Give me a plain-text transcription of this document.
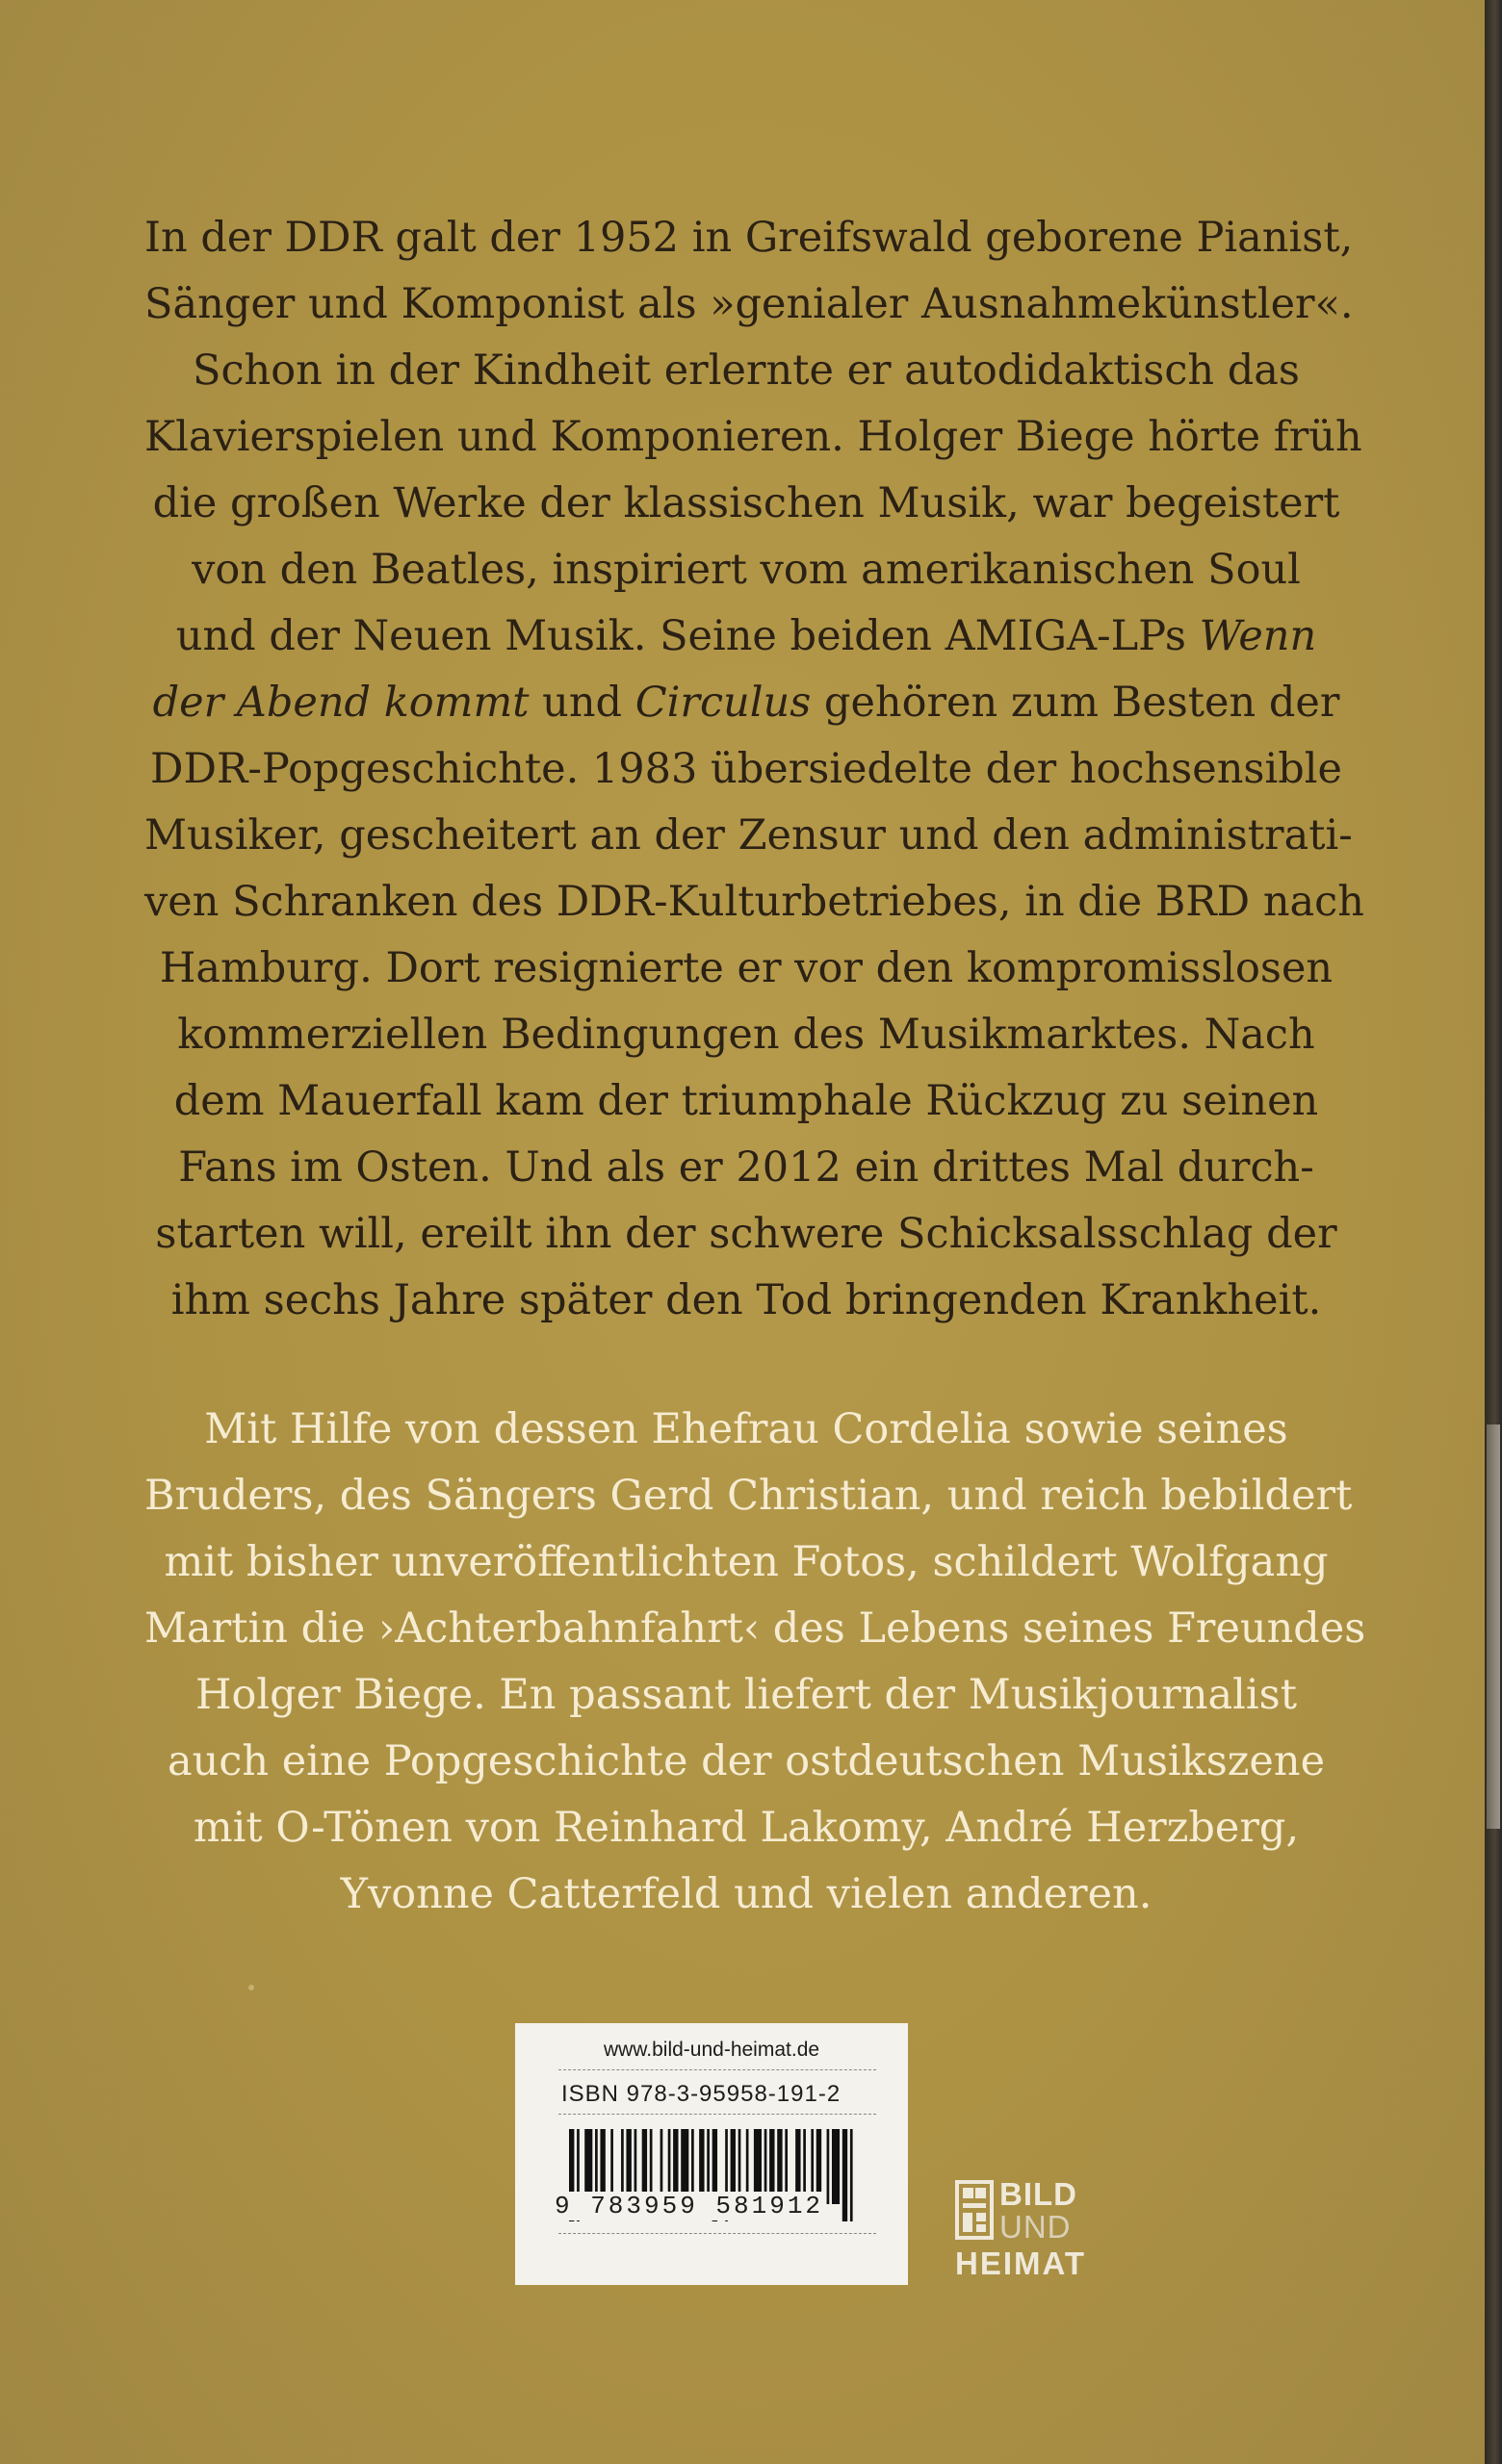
In der DDR galt der 1952 in Greifswald geborene Pianist,

Sänger und Komponist als »genialer Ausnahmekünstler«.

Schon in der Kindheit erlernte er autodidaktisch das

Klavierspielen und Komponieren. Holger Biege hörte früh

die großen Werke der klassischen Musik, war begeistert

von den Beatles, inspiriert vom amerikanischen Soul

und der Neuen Musik. Seine beiden AMIGA-LPs Wenn

der Abend kommt und Circulus gehören zum Besten der

DDR-Popgeschichte. 1983 übersiedelte der hochsensible

Musiker, gescheitert an der Zensur und den administrati-

ven Schranken des DDR-Kulturbetriebes, in die BRD nach

Hamburg. Dort resignierte er vor den kompromisslosen

kommerziellen Bedingungen des Musikmarktes. Nach

dem Mauerfall kam der triumphale Rückzug zu seinen

Fans im Osten. Und als er 2012 ein drittes Mal durch-

starten will, ereilt ihn der schwere Schicksalsschlag der

ihm sechs Jahre später den Tod bringenden Krankheit.

Mit Hilfe von dessen Ehefrau Cordelia sowie seines

Bruders, des Sängers Gerd Christian, und reich bebildert

mit bisher unveröffentlichten Fotos, schildert Wolfgang

Martin die ›Achterbahnfahrt‹ des Lebens seines Freundes

Holger Biege. En passant liefert der Musikjournalist

auch eine Popgeschichte der ostdeutschen Musikszene

mit O-Tönen von Reinhard Lakomy, André Herzberg,

Yvonne Catterfeld und vielen anderen.

www.bild-und-heimat.de
ISBN 978-3-95958-191-2
9 783959 581912	BILD
UND
HEIMAT
